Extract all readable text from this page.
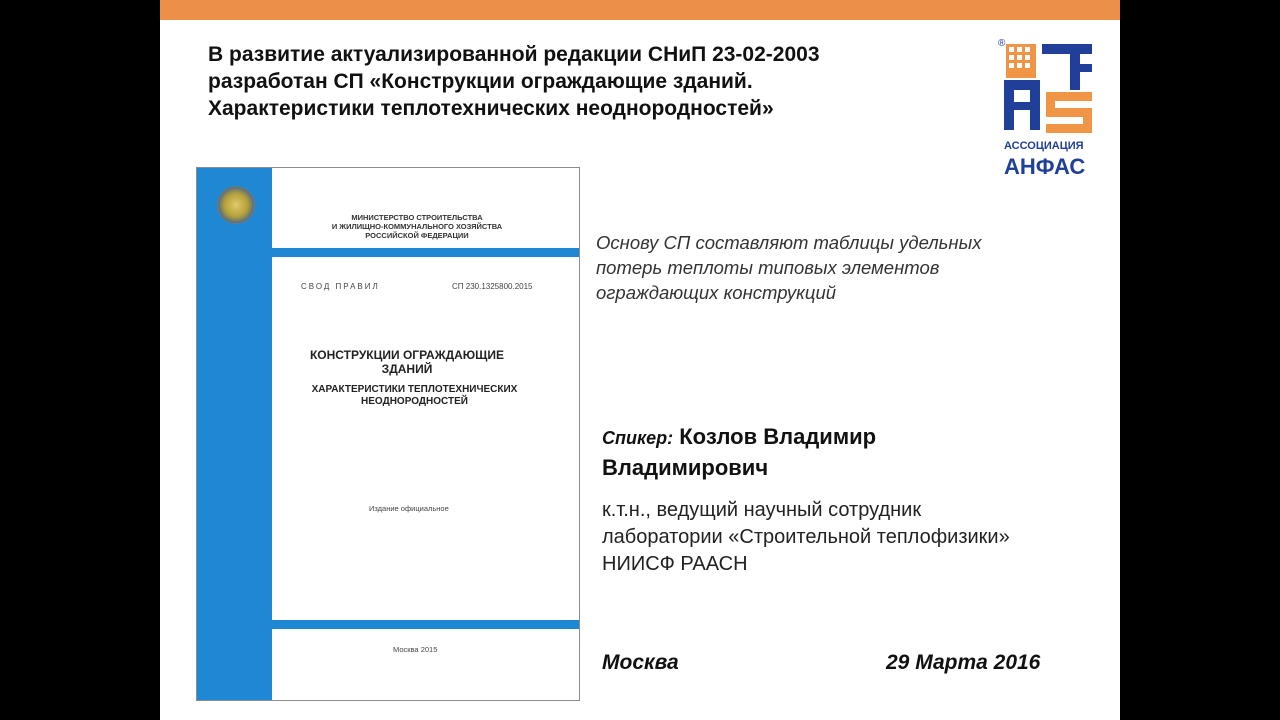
В развитие актуализированной редакции СНиП 23-02-2003
разработан СП «Конструкции ограждающие зданий.
Характеристики теплотехнических неоднородностей»
®
АССОЦИАЦИЯ
АНФАС
МИНИСТЕРСТВО СТРОИТЕЛЬСТВА
И ЖИЛИЩНО-КОММУНАЛЬНОГО ХОЗЯЙСТВА
РОССИЙСКОЙ ФЕДЕРАЦИИ
СВОД ПРАВИЛ	СП 230.1325800.2015
КОНСТРУКЦИИ ОГРАЖДАЮЩИЕ
ЗДАНИЙ
ХАРАКТЕРИСТИКИ ТЕПЛОТЕХНИЧЕСКИХ
НЕОДНОРОДНОСТЕЙ
Издание официальное
Москва 2015
Основу СП составляют таблицы удельных
потерь теплоты типовых элементов
ограждающих конструкций
Спикер: Козлов Владимир
Владимирович
к.т.н., ведущий научный сотрудник
лаборатории «Строительной теплофизики»
НИИСФ РААСН
Москва	29 Марта 2016
